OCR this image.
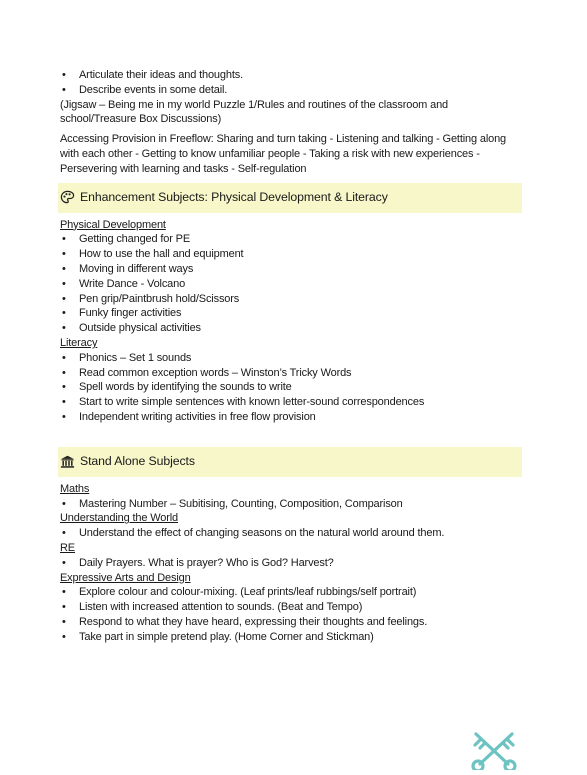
• Articulate their ideas and thoughts.
• Describe events in some detail.

(Jigsaw – Being me in my world Puzzle 1/Rules and routines of the classroom and school/Treasure Box Discussions)

Accessing Provision in Freeflow: Sharing and turn taking - Listening and talking - Getting along with each other - Getting to know unfamiliar people - Taking a risk with new experiences - Persevering with learning and tasks - Self-regulation

Enhancement Subjects: Physical Development & Literacy
Physical Development
• Getting changed for PE
• How to use the hall and equipment
• Moving in different ways
• Write Dance - Volcano
• Pen grip/Paintbrush hold/Scissors
• Funky finger activities
• Outside physical activities
Literacy
• Phonics – Set 1 sounds
• Read common exception words – Winston’s Tricky Words
• Spell words by identifying the sounds to write
• Start to write simple sentences with known letter-sound correspondences
• Independent writing activities in free flow provision
Stand Alone Subjects
Maths
• Mastering Number – Subitising, Counting, Composition, Comparison
Understanding the World
• Understand the effect of changing seasons on the natural world around them.
RE
• Daily Prayers. What is prayer? Who is God? Harvest?
Expressive Arts and Design
• Explore colour and colour-mixing. (Leaf prints/leaf rubbings/self portrait)
• Listen with increased attention to sounds. (Beat and Tempo)
• Respond to what they have heard, expressing their thoughts and feelings.
• Take part in simple pretend play. (Home Corner and Stickman)
